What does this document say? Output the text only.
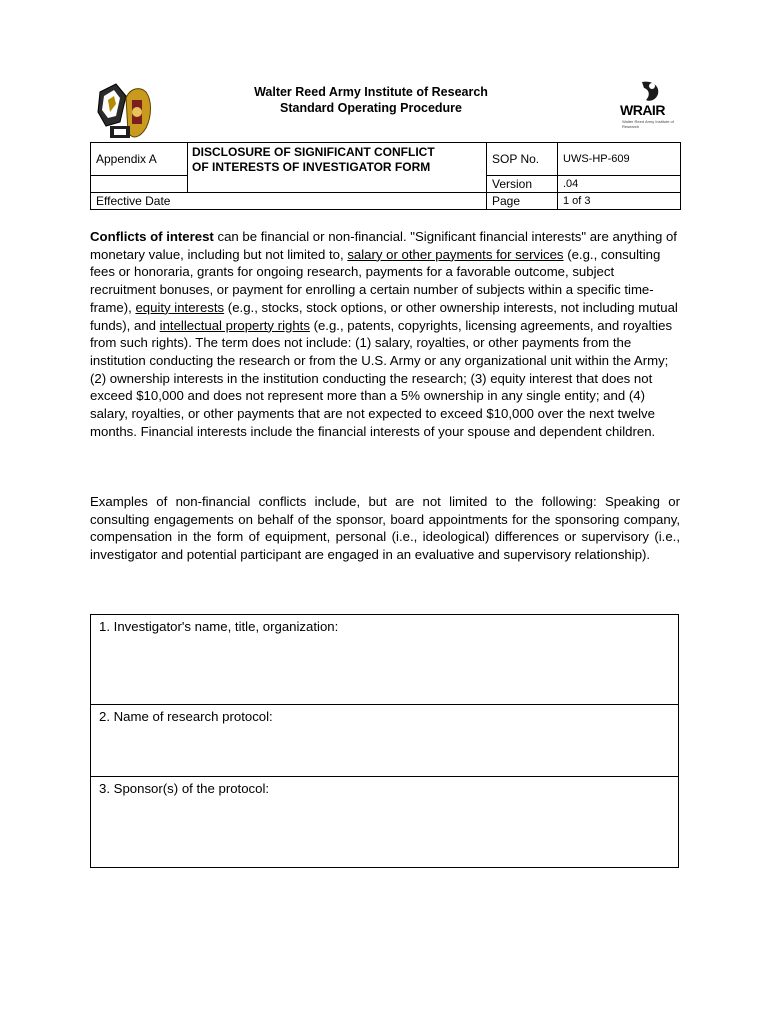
Walter Reed Army Institute of Research
Standard Operating Procedure	WRAIR
Walter Reed Army Institute of Research
Appendix A	DISCLOSURE OF SIGNIFICANT CONFLICT
OF INTERESTS OF INVESTIGATOR FORM	SOP No.	UWS-HP-609
		Version	.04
Effective Date		Page	1 of 3
Conflicts of interest can be financial or non-financial. "Significant financial interests" are anything of monetary value, including but not limited to, salary or other payments for services (e.g., consulting fees or honoraria, grants for ongoing research, payments for a favorable outcome, subject recruitment bonuses, or payment for enrolling a certain number of subjects within a specific time-frame), equity interests (e.g., stocks, stock options, or other ownership interests, not including mutual funds), and intellectual property rights (e.g., patents, copyrights, licensing agreements, and royalties from such rights). The term does not include: (1) salary, royalties, or other payments from the institution conducting the research or from the U.S. Army or any organizational unit within the Army; (2) ownership interests in the institution conducting the research; (3) equity interest that does not exceed $10,000 and does not represent more than a 5% ownership in any single entity; and (4) salary, royalties, or other payments that are not expected to exceed $10,000 over the next twelve months. Financial interests include the financial interests of your spouse and dependent children.
Examples of non-financial conflicts include, but are not limited to the following: Speaking or consulting engagements on behalf of the sponsor, board appointments for the sponsoring company, compensation in the form of equipment, personal (i.e., ideological) differences or supervisory (i.e., investigator and potential participant are engaged in an evaluative and supervisory relationship).
1. Investigator's name, title, organization:
2. Name of research protocol:
3. Sponsor(s) of the protocol:
